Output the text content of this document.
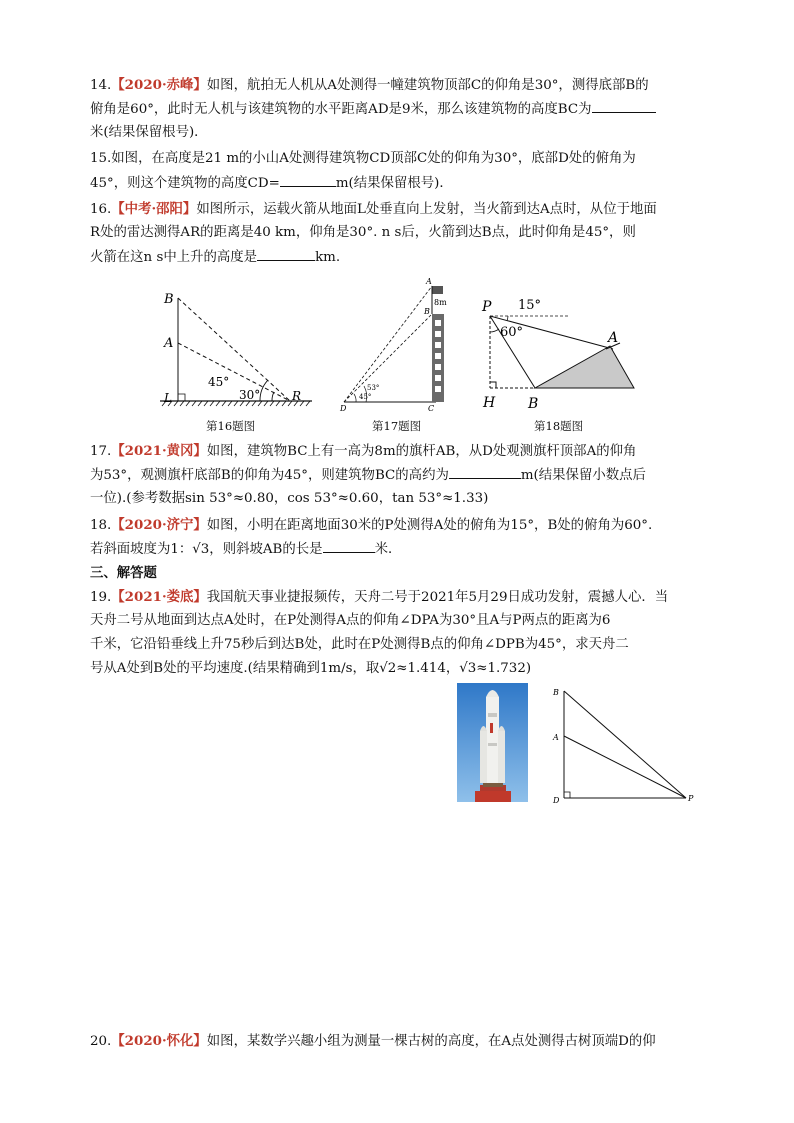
14.【2020·赤峰】如图，航拍无人机从A处测得一幢建筑物顶部C的仰角是30°，测得底部B的
俯角是60°，此时无人机与该建筑物的水平距离AD是9米，那么该建筑物的高度BC为
米(结果保留根号)．
15.如图，在高度是21 m的小山A处测得建筑物CD顶部C处的仰角为30°，底部D处的俯角为
45°，则这个建筑物的高度CD=	m(结果保留根号)．
16.【中考·邵阳】如图所示，运载火箭从地面L处垂直向上发射，当火箭到达A点时，从位于地面
R处的雷达测得AR的距离是40 km，仰角是30°. n s后，火箭到达B点，此时仰角是45°，则
火箭在这n s中上升的高度是	km.
B
A
L	R
45°
30°
第16题图
A
B
8m
D	C
53°
45°
第17题图
P 15°
60°	A
H B
第18题图
17.【2021·黄冈】如图，建筑物BC上有一高为8m的旗杆AB，从D处观测旗杆顶部A的仰角
为53°，观测旗杆底部B的仰角为45°，则建筑物BC的高约为	m(结果保留小数点后
一位).(参考数据sin 53°≈0.80，cos 53°≈0.60，tan 53°≈1.33)
18.【2020·济宁】如图，小明在距离地面30米的P处测得A处的俯角为15°，B处的俯角为60°.
若斜面坡度为1：√3，则斜坡AB的长是	米．
三、解答题
19.【2021·娄底】我国航天事业捷报频传，天舟二号于2021年5月29日成功发射，震撼人心．当
天舟二号从地面到达点A处时，在P处测得A点的仰角∠DPA为30°且A与P两点的距离为6
千米，它沿铅垂线上升75秒后到达B处，此时在P处测得B点的仰角∠DPB为45°，求天舟二
号从A处到B处的平均速度.(结果精确到1m/s，取√2≈1.414，√3≈1.732)
B
A
D	P
20.【2020·怀化】如图，某数学兴趣小组为测量一棵古树的高度，在A点处测得古树顶端D的仰
